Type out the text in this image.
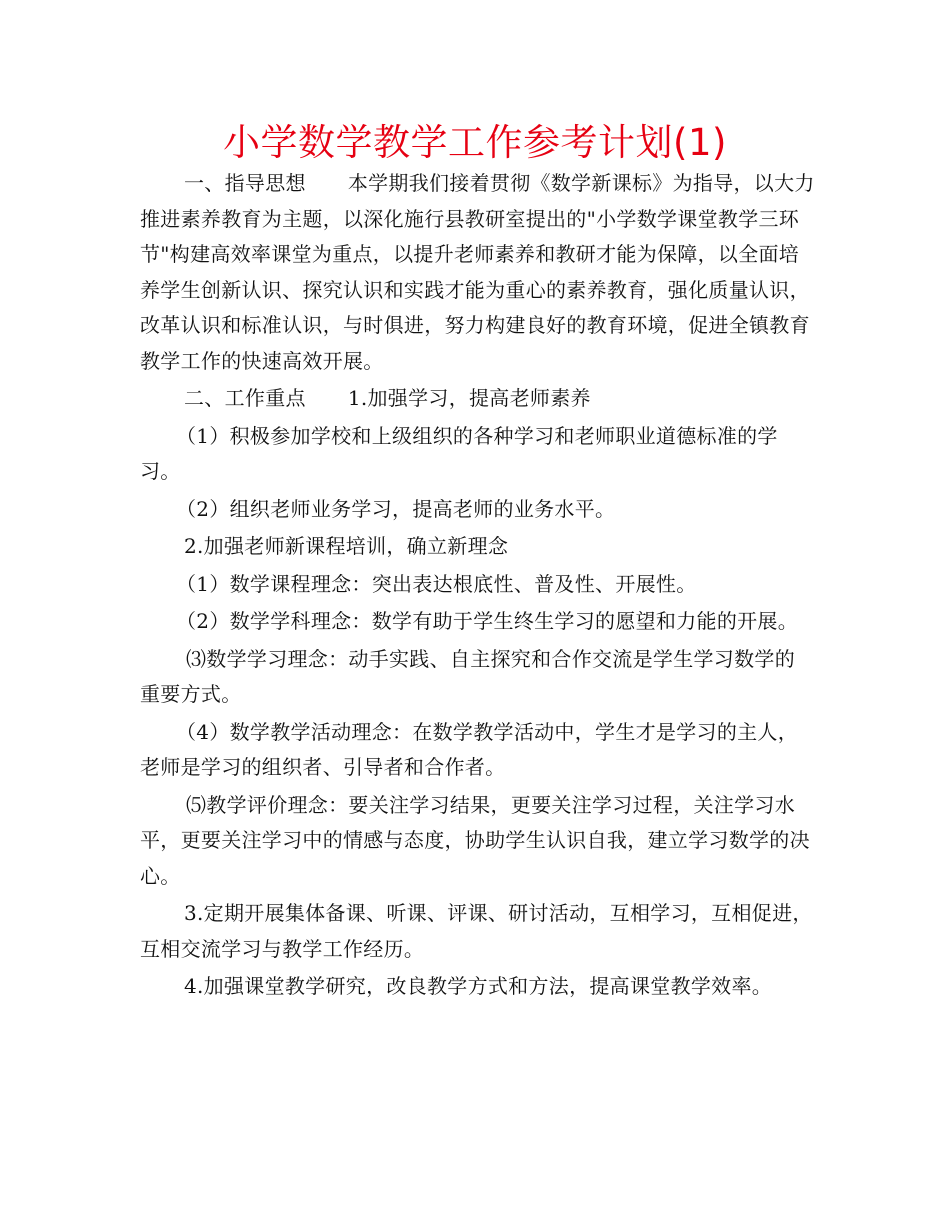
小学数学教学工作参考计划(1)

一、指导思想 本学期我们接着贯彻《数学新课标》为指导，以大力推进素养教育为主题，以深化施行县教研室提出的"小学数学课堂教学三环节"构建高效率课堂为重点，以提升老师素养和教研才能为保障，以全面培养学生创新认识、探究认识和实践才能为重心的素养教育，强化质量认识，改革认识和标准认识，与时俱进，努力构建良好的教育环境，促进全镇教育教学工作的快速高效开展。

二、工作重点 1.加强学习，提高老师素养

（1）积极参加学校和上级组织的各种学习和老师职业道德标准的学习。

（2）组织老师业务学习，提高老师的业务水平。

2.加强老师新课程培训，确立新理念

（1）数学课程理念：突出表达根底性、普及性、开展性。

（2）数学学科理念：数学有助于学生终生学习的愿望和力能的开展。

⑶数学学习理念：动手实践、自主探究和合作交流是学生学习数学的重要方式。

（4）数学教学活动理念：在数学教学活动中，学生才是学习的主人，老师是学习的组织者、引导者和合作者。

⑸教学评价理念：要关注学习结果，更要关注学习过程，关注学习水平，更要关注学习中的情感与态度，协助学生认识自我，建立学习数学的决心。

3.定期开展集体备课、听课、评课、研讨活动，互相学习，互相促进，互相交流学习与教学工作经历。

4.加强课堂教学研究，改良教学方式和方法，提高课堂教学效率。
